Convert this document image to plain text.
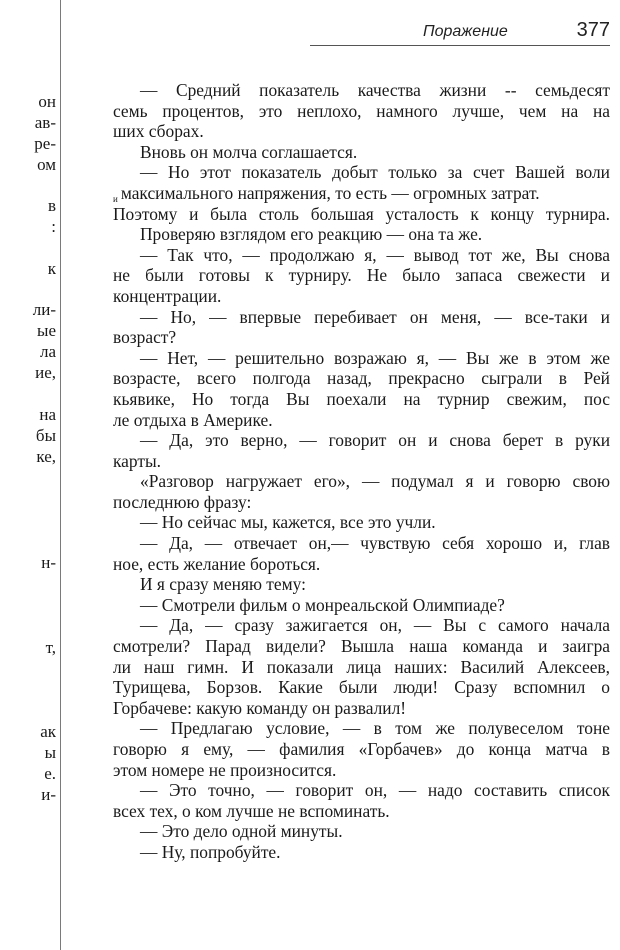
он
ав-
ре-
ом
в
:
к
ли-
ые
ла
ие,
на
бы
ке,
н-
т,
ак
ы
е.
и-
Поражение	377
— Средний показатель качества жизни -- семьдесят
семь процентов, это неплохо, намного лучше, чем на на
ших сборах.
Вновь он молча соглашается.
— Но этот показатель добыт только за счет Вашей воли
$_и$ максимального напряжения, то есть — огромных затрат.
Поэтому и была столь большая усталость к концу турнира.
Проверяю взглядом его реакцию — она та же.
— Так что, — продолжаю я, — вывод тот же, Вы снова
не были готовы к турниру. Не было запаса свежести и
концентрации.
— Но, — впервые перебивает он меня, — все-таки и
возраст?
— Нет, — решительно возражаю я, — Вы же в этом же
возрасте, всего полгода назад, прекрасно сыграли в Рей
кьявике, Но тогда Вы поехали на турнир свежим, пос
ле отдыха в Америке.
— Да, это верно, — говорит он и снова берет в руки
карты.
«Разговор нагружает его», — подумал я и говорю свою
последнюю фразу:
— Но сейчас мы, кажется, все это учли.
— Да, — отвечает он,— чувствую себя хорошо и, глав
ное, есть желание бороться.
И я сразу меняю тему:
— Смотрели фильм о монреальской Олимпиаде?
— Да, — сразу зажигается он, — Вы с самого начала
смотрели? Парад видели? Вышла наша команда и заигра
ли наш гимн. И показали лица наших: Василий Алексеев,
Турищева, Борзов. Какие были люди! Сразу вспомнил о
Горбачеве: какую команду он развалил!
— Предлагаю условие, — в том же полувеселом тоне
говорю я ему, — фамилия «Горбачев» до конца матча в
этом номере не произносится.
— Это точно, — говорит он, — надо составить список
всех тех, о ком лучше не вспоминать.
— Это дело одной минуты.
— Ну, попробуйте.
